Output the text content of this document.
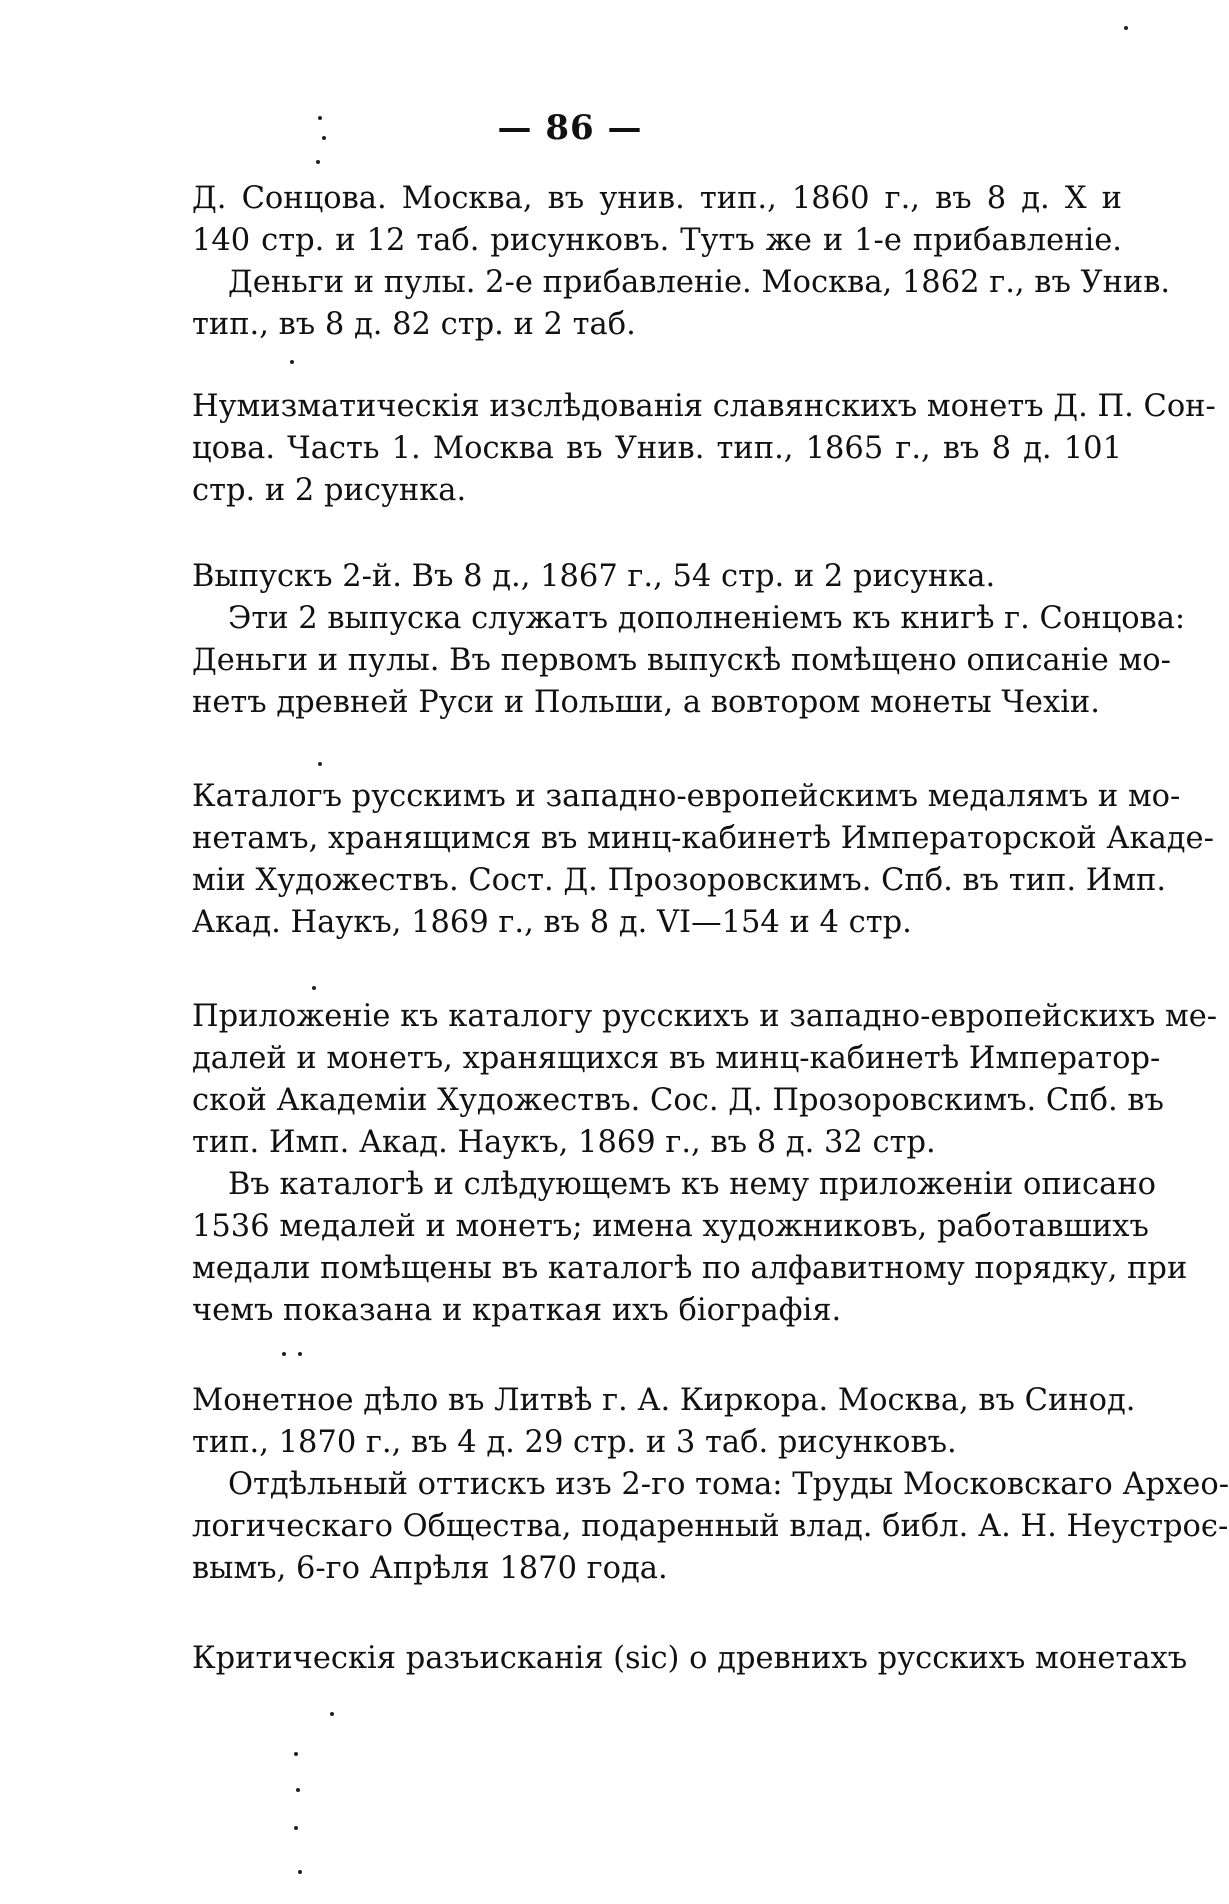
— 86 —
Д. Сонцова. Москва, въ унив. тип., 1860 г., въ 8 д. X и
140 стр. и 12 таб. рисунковъ. Тутъ же и 1-е прибавленіе.
Деньги и пулы. 2-е прибавленіе. Москва, 1862 г., въ Унив.
тип., въ 8 д. 82 стр. и 2 таб.
Нумизматическія изслѣдованія славянскихъ монетъ Д. П. Сон-
цова. Часть 1. Москва въ Унив. тип., 1865 г., въ 8 д. 101
стр. и 2 рисунка.
Выпускъ 2-й. Въ 8 д., 1867 г., 54 стр. и 2 рисунка.
Эти 2 выпуска служатъ дополненіемъ къ книгѣ г. Сонцова:
Деньги и пулы. Въ первомъ выпускѣ помѣщено описаніе мо-
нетъ древней Руси и Польши, а вовтором монеты Чехіи.
Каталогъ русскимъ и западно-европейскимъ медалямъ и мо-
нетамъ, хранящимся въ минц-кабинетѣ Императорской Акаде-
міи Художествъ. Сост. Д. Прозоровскимъ. Спб. въ тип. Имп.
Акад. Наукъ, 1869 г., въ 8 д. VI—154 и 4 стр.
Приложеніе къ каталогу русскихъ и западно-европейскихъ ме-
далей и монетъ, хранящихся въ минц-кабинетѣ Император-
ской Академіи Художествъ. Сос. Д. Прозоровскимъ. Спб. въ
тип. Имп. Акад. Наукъ, 1869 г., въ 8 д. 32 стр.
Въ каталогѣ и слѣдующемъ къ нему приложеніи описано
1536 медалей и монетъ; имена художниковъ, работавшихъ
медали помѣщены въ каталогѣ по алфавитному порядку, при
чемъ показана и краткая ихъ біографія.
Монетное дѣло въ Литвѣ г. А. Киркора. Москва, въ Синод.
тип., 1870 г., въ 4 д. 29 стр. и 3 таб. рисунковъ.
Отдѣльный оттискъ изъ 2-го тома: Труды Московскаго Архео-
логическаго Общества, подаренный влад. библ. А. Н. Неустроє-
вымъ, 6-го Апрѣля 1870 года.
Критическія разъисканія (sic) о древнихъ русскихъ монетахъ
